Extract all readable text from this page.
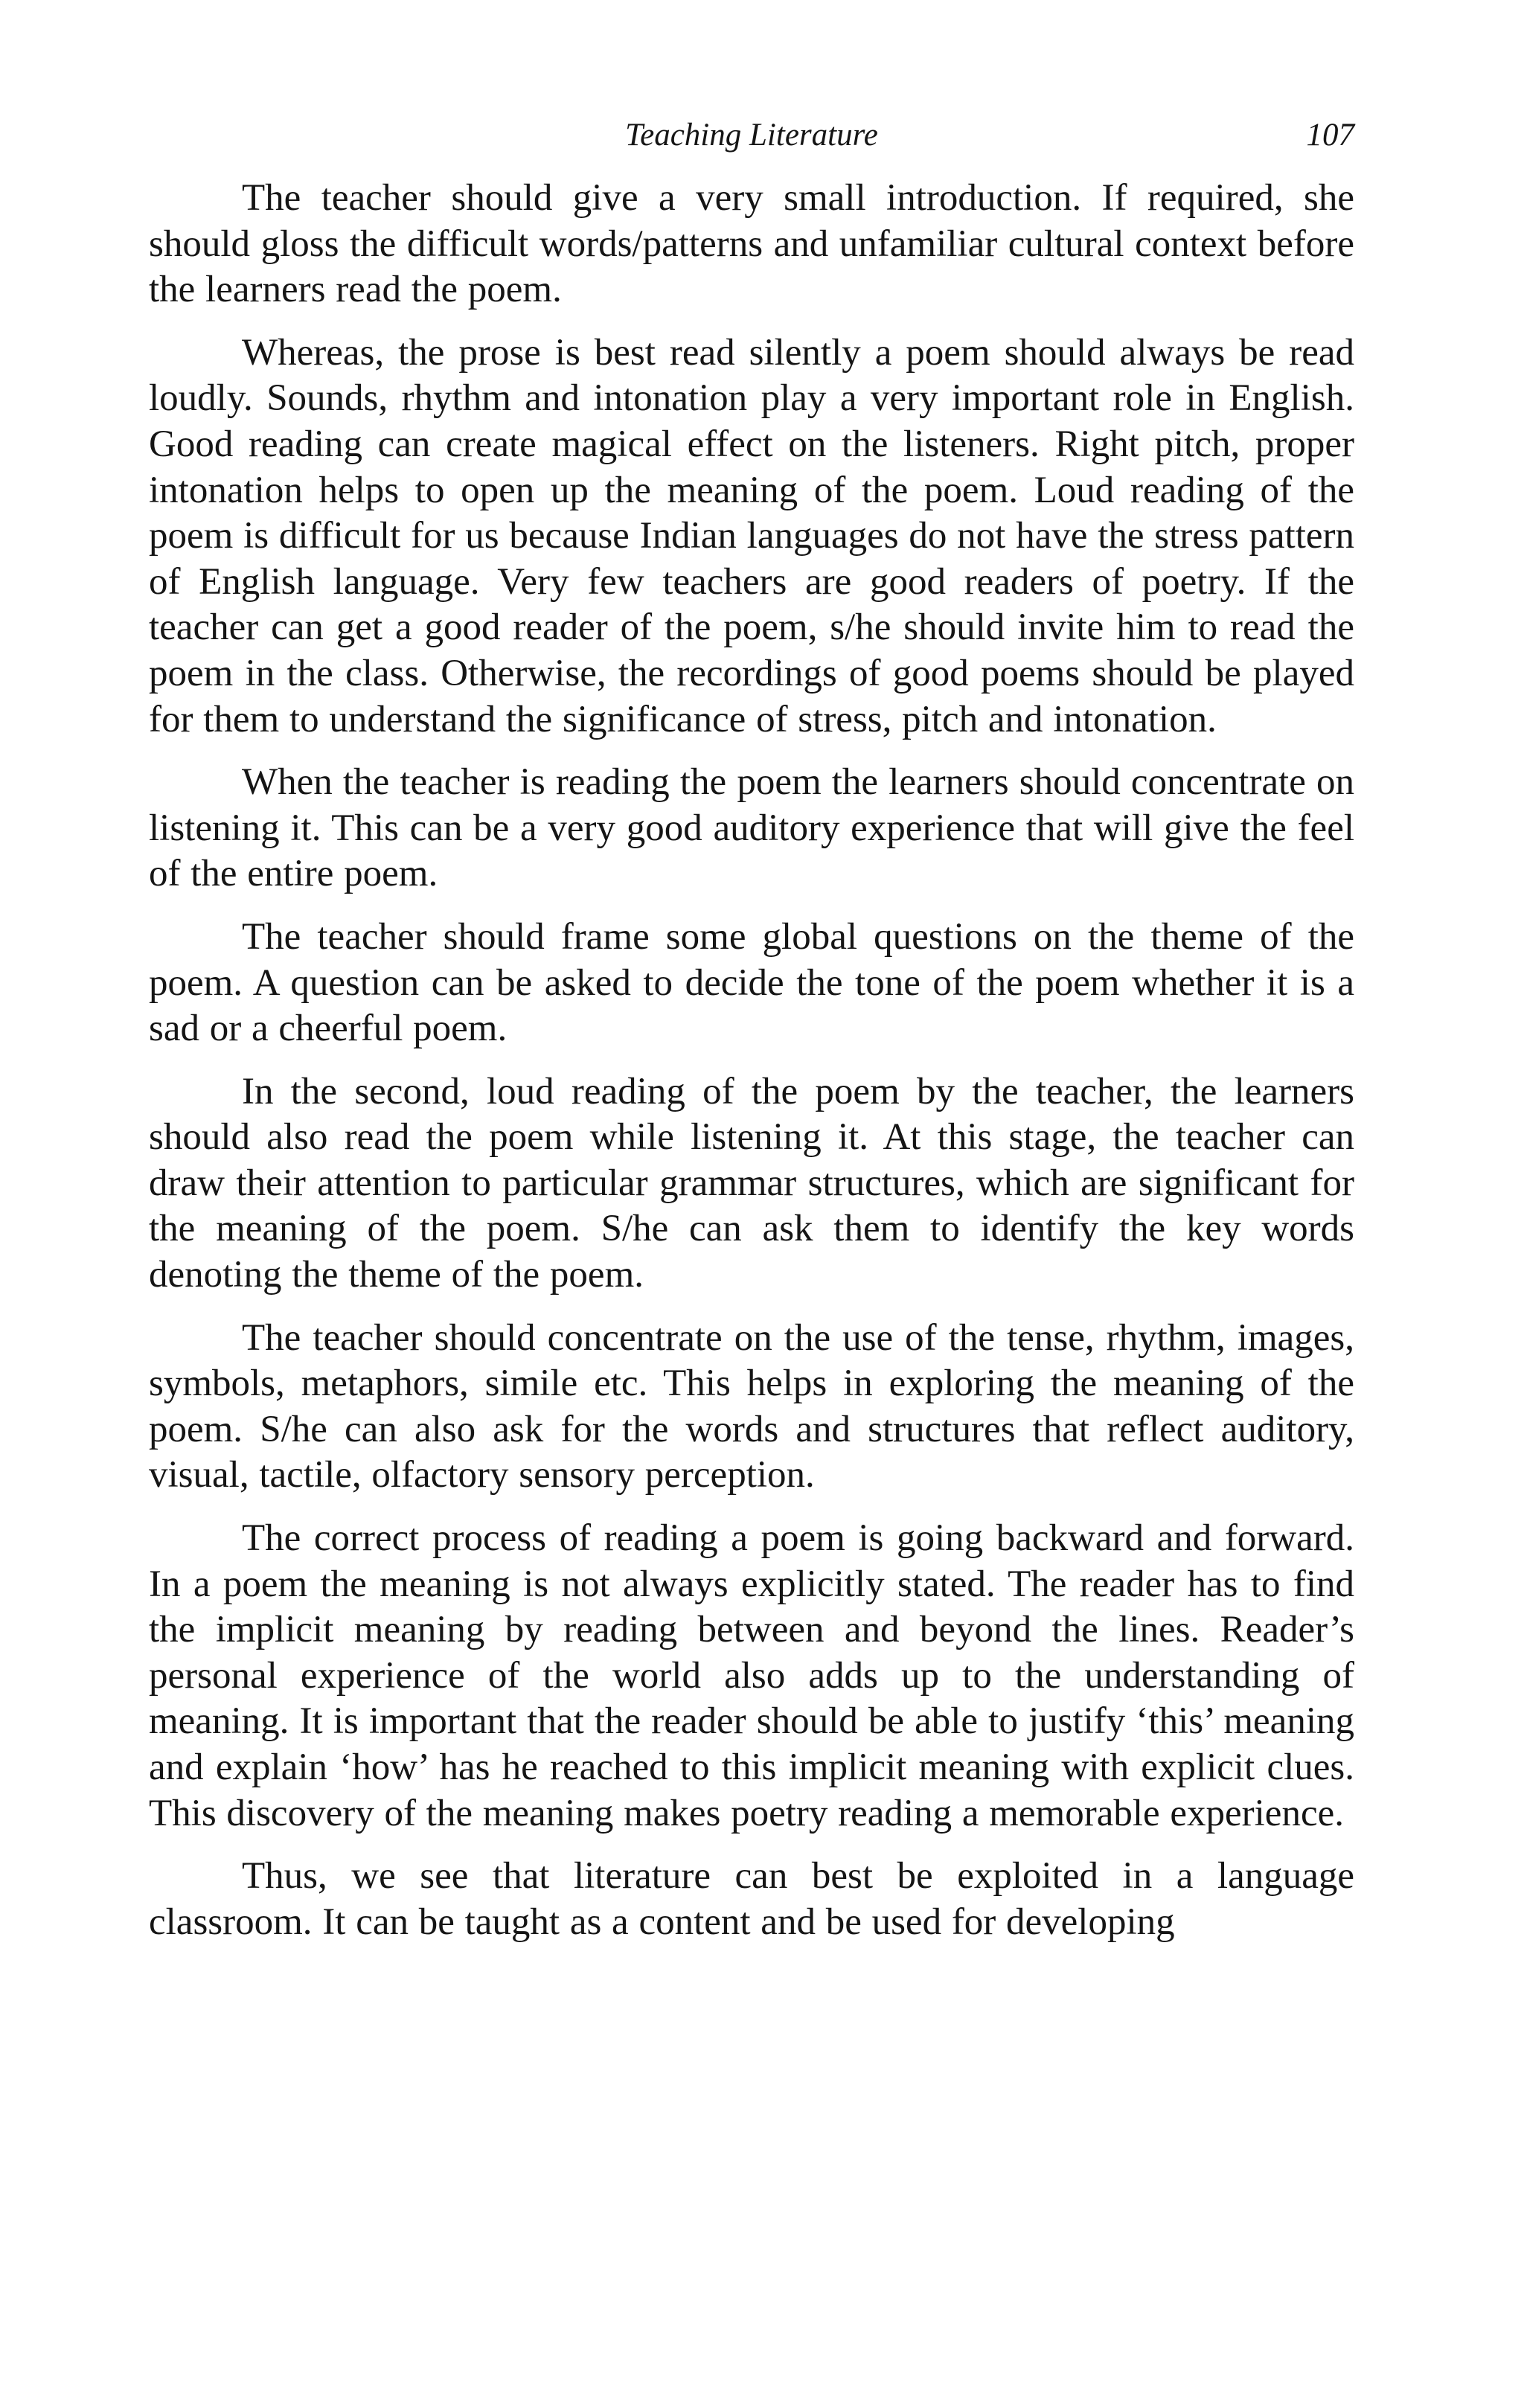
Teaching Literature	107

The teacher should give a very small introduction. If required, she should gloss the difficult words/patterns and unfamiliar cultural context before the learners read the poem.

Whereas, the prose is best read silently a poem should always be read loudly. Sounds, rhythm and intonation play a very important role in English. Good reading can create magical effect on the listeners. Right pitch, proper intonation helps to open up the meaning of the poem. Loud reading of the poem is difficult for us because Indian languages do not have the stress pattern of English language. Very few teachers are good readers of poetry. If the teacher can get a good reader of the poem, s/he should invite him to read the poem in the class. Otherwise, the recordings of good poems should be played for them to understand the significance of stress, pitch and intonation.

When the teacher is reading the poem the learners should concentrate on listening it. This can be a very good auditory experience that will give the feel of the entire poem.

The teacher should frame some global questions on the theme of the poem. A question can be asked to decide the tone of the poem whether it is a sad or a cheerful poem.

In the second, loud reading of the poem by the teacher, the learners should also read the poem while listening it. At this stage, the teacher can draw their attention to particular grammar structures, which are significant for the meaning of the poem. S/he can ask them to identify the key words denoting the theme of the poem.

The teacher should concentrate on the use of the tense, rhythm, images, symbols, metaphors, simile etc. This helps in exploring the meaning of the poem. S/he can also ask for the words and structures that reflect auditory, visual, tactile, olfactory sensory perception.

The correct process of reading a poem is going backward and forward. In a poem the meaning is not always explicitly stated. The reader has to find the implicit meaning by reading between and beyond the lines. Reader’s personal experience of the world also adds up to the understanding of meaning. It is important that the reader should be able to justify ‘this’ meaning and explain ‘how’ has he reached to this implicit meaning with explicit clues. This discovery of the meaning makes poetry reading a memorable experience.

Thus, we see that literature can best be exploited in a language classroom. It can be taught as a content and be used for developing
